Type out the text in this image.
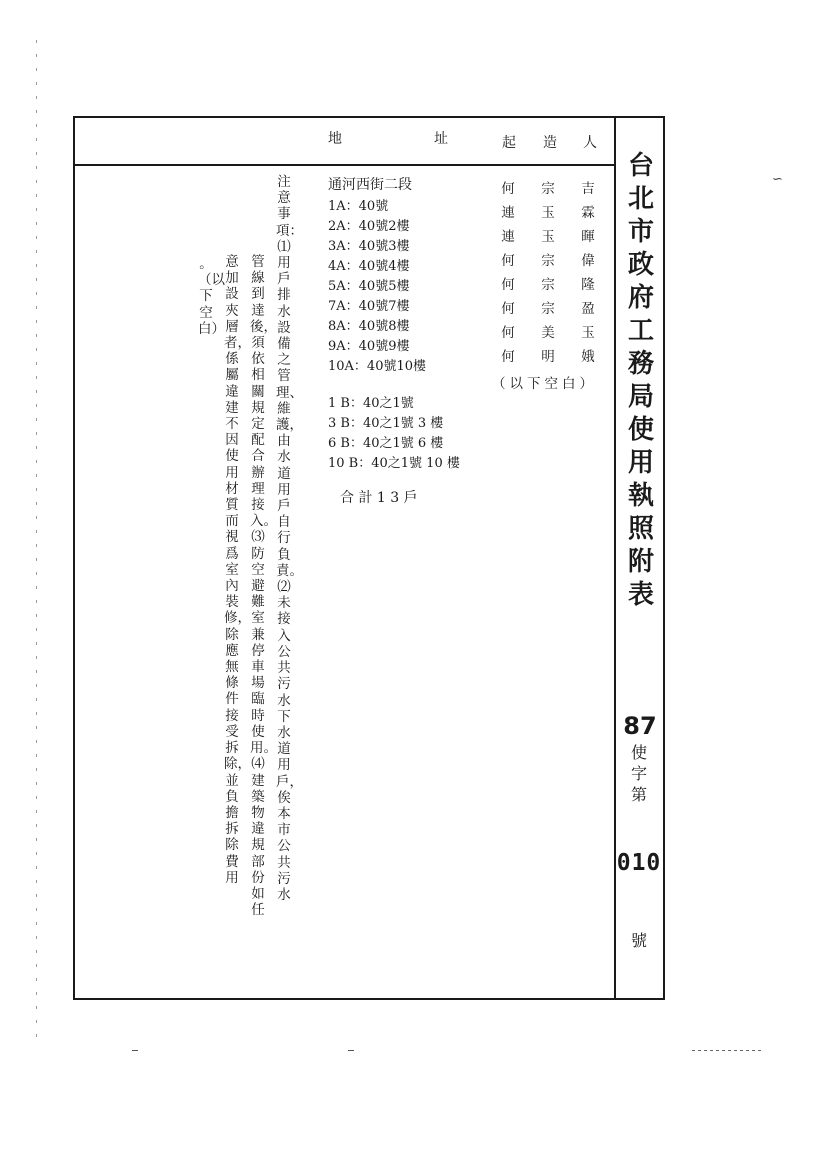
地	址	起 造 人
台
北
市
政
府
工
務
局
使
用
執
照
附
表
注意事項：⑴用戶排水設備之管理、維護，由水道用戶自行負責。⑵未接入公共污水下水道用戶，俟本市公共污水
管線到達後，須依相關規定配合辦理接入。⑶防空避難室兼停車場臨時使用。⑷建築物違規部份如任
意加設夾層者，係屬違建不因使用材質而視爲室內裝修，除應無條件接受拆除，並負擔拆除費用
。（以下空白）
通河西街二段
1A：40號
2A：40號2樓
3A：40號3樓
4A：40號4樓
5A：40號5樓
7A：40號7樓
8A：40號8樓
9A：40號9樓
10A：40號10樓
1 B：40之1號
3 B：40之1號 3 樓
6 B：40之1號 6 樓
10 B：40之1號 10 樓
合 計 1 3 戶
何 宗 吉
連 玉 霖
連 玉 暉
何 宗 偉
何 宗 隆
何 宗 盈
何 美 玉
何 明 娥
（以下空白）
87
使字第
010
號
∽
